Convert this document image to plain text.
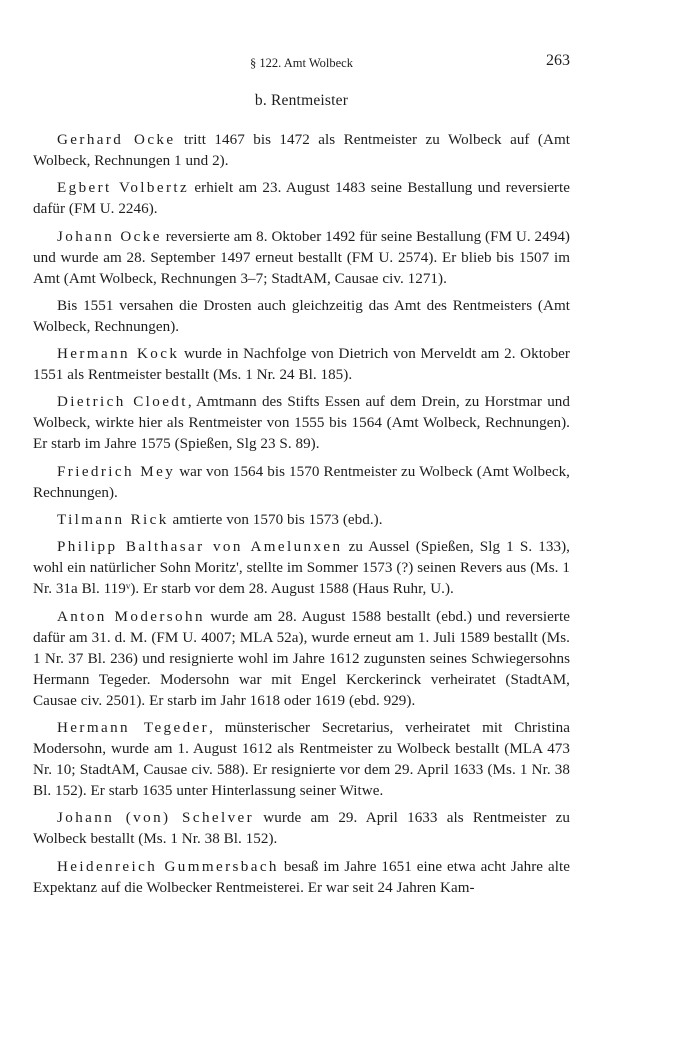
§ 122. Amt Wolbeck	263
b. Rentmeister

Gerhard Ocke tritt 1467 bis 1472 als Rentmeister zu Wolbeck auf (Amt Wolbeck, Rechnungen 1 und 2).

Egbert Volbertz erhielt am 23. August 1483 seine Bestallung und reversierte dafür (FM U. 2246).

Johann Ocke reversierte am 8. Oktober 1492 für seine Bestallung (FM U. 2494) und wurde am 28. September 1497 erneut bestallt (FM U. 2574). Er blieb bis 1507 im Amt (Amt Wolbeck, Rechnungen 3–7; StadtAM, Causae civ. 1271).

Bis 1551 versahen die Drosten auch gleichzeitig das Amt des Rentmeisters (Amt Wolbeck, Rechnungen).

Hermann Kock wurde in Nachfolge von Dietrich von Merveldt am 2. Oktober 1551 als Rentmeister bestallt (Ms. 1 Nr. 24 Bl. 185).

Dietrich Cloedt, Amtmann des Stifts Essen auf dem Drein, zu Horstmar und Wolbeck, wirkte hier als Rentmeister von 1555 bis 1564 (Amt Wolbeck, Rechnungen). Er starb im Jahre 1575 (Spießen, Slg 23 S. 89).

Friedrich Mey war von 1564 bis 1570 Rentmeister zu Wolbeck (Amt Wolbeck, Rechnungen).

Tilmann Rick amtierte von 1570 bis 1573 (ebd.).

Philipp Balthasar von Amelunxen zu Aussel (Spießen, Slg 1 S. 133), wohl ein natürlicher Sohn Moritz', stellte im Sommer 1573 (?) seinen Revers aus (Ms. 1 Nr. 31a Bl. 119ᵛ). Er starb vor dem 28. August 1588 (Haus Ruhr, U.).

Anton Modersohn wurde am 28. August 1588 bestallt (ebd.) und reversierte dafür am 31. d. M. (FM U. 4007; MLA 52a), wurde erneut am 1. Juli 1589 bestallt (Ms. 1 Nr. 37 Bl. 236) und resignierte wohl im Jahre 1612 zugunsten seines Schwiegersohns Hermann Tegeder. Modersohn war mit Engel Kerckerinck verheiratet (StadtAM, Causae civ. 2501). Er starb im Jahr 1618 oder 1619 (ebd. 929).

Hermann Tegeder, münsterischer Secretarius, verheiratet mit Christina Modersohn, wurde am 1. August 1612 als Rentmeister zu Wolbeck bestallt (MLA 473 Nr. 10; StadtAM, Causae civ. 588). Er resignierte vor dem 29. April 1633 (Ms. 1 Nr. 38 Bl. 152). Er starb 1635 unter Hinterlassung seiner Witwe.

Johann (von) Schelver wurde am 29. April 1633 als Rentmeister zu Wolbeck bestallt (Ms. 1 Nr. 38 Bl. 152).

Heidenreich Gummersbach besaß im Jahre 1651 eine etwa acht Jahre alte Expektanz auf die Wolbecker Rentmeisterei. Er war seit 24 Jahren Kam-
